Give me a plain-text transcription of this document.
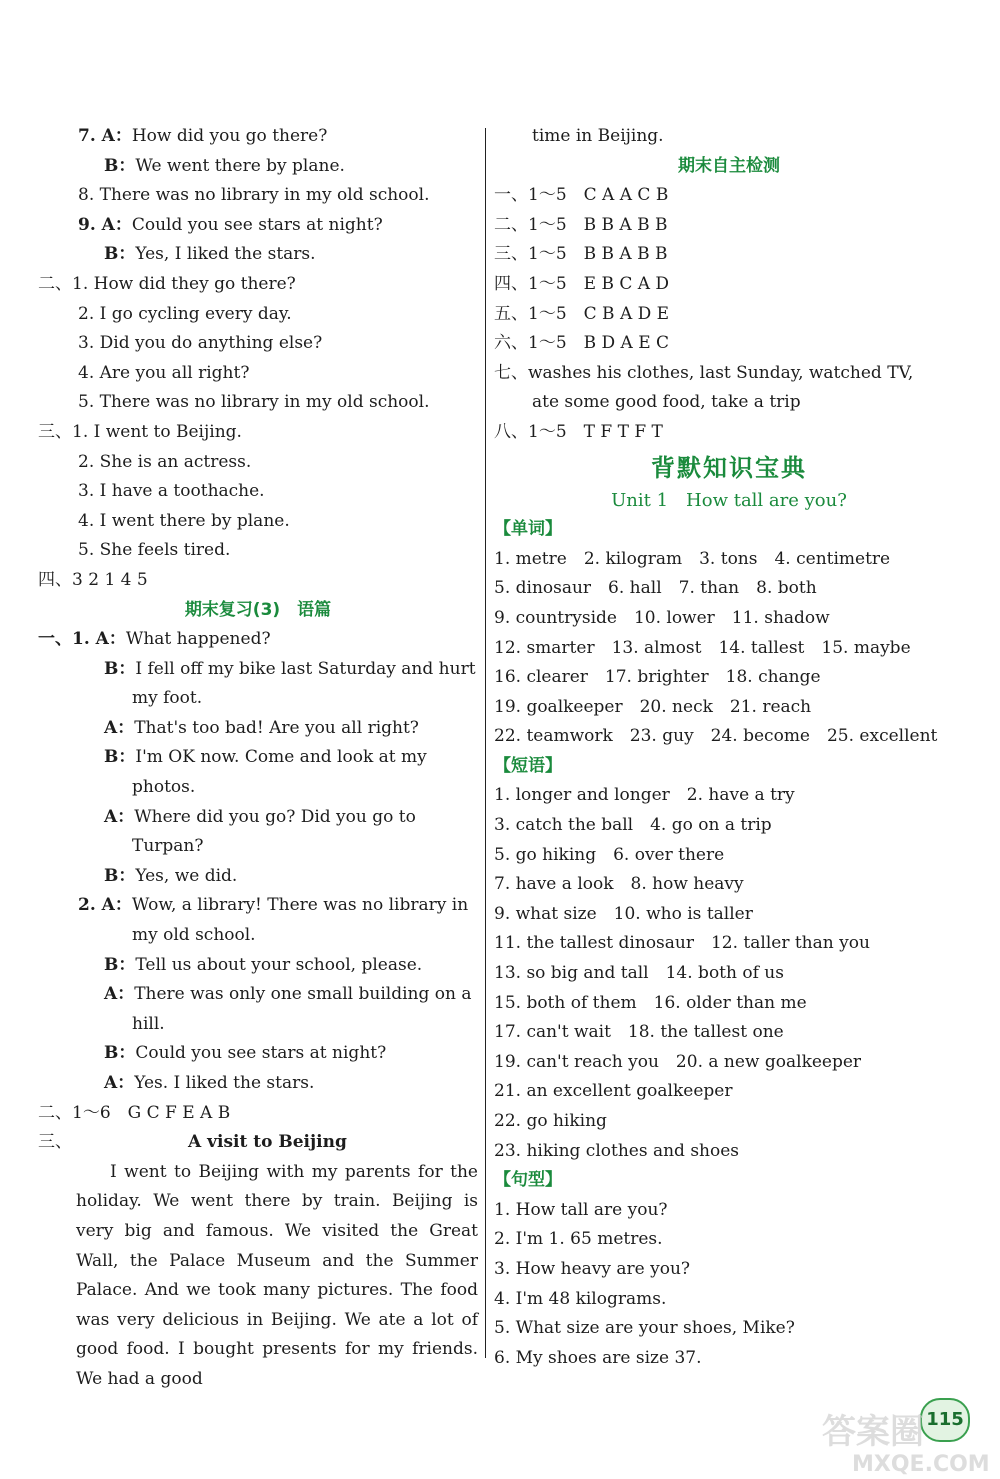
7. A：How did you go there?
B：We went there by plane.
8. There was no library in my old school.
9. A：Could you see stars at night?
B：Yes, I liked the stars.
二、1. How did they go there?
2. I go cycling every day.
3. Did you do anything else?
4. Are you all right?
5. There was no library in my old school.
三、1. I went to Beijing.
2. She is an actress.
3. I have a toothache.
4. I went there by plane.
5. She feels tired.
四、3 2 1 4 5
期末复习(3)　语篇
一、1. A：What happened?
B：I fell off my bike last Saturday and hurt
my foot.
A：That's too bad! Are you all right?
B：I'm OK now. Come and look at my
photos.
A：Where did you go? Did you go to
Turpan?
B：Yes, we did.
2. A：Wow, a library! There was no library in
my old school.
B：Tell us about your school, please.
A：There was only one small building on a
hill.
B：Could you see stars at night?
A：Yes. I liked the stars.
二、1～6　G C F E A B
三、	A visit to Beijing

I went to Beijing with my parents for the holiday. We went there by train. Beijing is very big and famous. We visited the Great Wall, the Palace Museum and the Summer Palace. And we took many pictures. The food was very delicious in Beijing. We ate a lot of good food. I bought presents for my friends. We had a good

time in Beijing.
期末自主检测
一、1～5　C A A C B
二、1～5　B B A B B
三、1～5　B B A B B
四、1～5　E B C A D
五、1～5　C B A D E
六、1～5　B D A E C
七、washes his clothes, last Sunday, watched TV,
ate some good food, take a trip
八、1～5　T F T F T
背默知识宝典
Unit 1　How tall are you?
【单词】
1. metre　2. kilogram　3. tons　4. centimetre
5. dinosaur　6. hall　7. than　8. both
9. countryside　10. lower　11. shadow
12. smarter　13. almost　14. tallest　15. maybe
16. clearer　17. brighter　18. change
19. goalkeeper　20. neck　21. reach
22. teamwork　23. guy　24. become　25. excellent
【短语】
1. longer and longer　2. have a try
3. catch the ball　4. go on a trip
5. go hiking　6. over there
7. have a look　8. how heavy
9. what size　10. who is taller
11. the tallest dinosaur　12. taller than you
13. so big and tall　14. both of us
15. both of them　16. older than me
17. can't wait　18. the tallest one
19. can't reach you　20. a new goalkeeper
21. an excellent goalkeeper
22. go hiking
23. hiking clothes and shoes
【句型】
1. How tall are you?
2. I'm 1. 65 metres.
3. How heavy are you?
4. I'm 48 kilograms.
5. What size are your shoes, Mike?
6. My shoes are size 37.
115
答案圈
MXQE.COM
